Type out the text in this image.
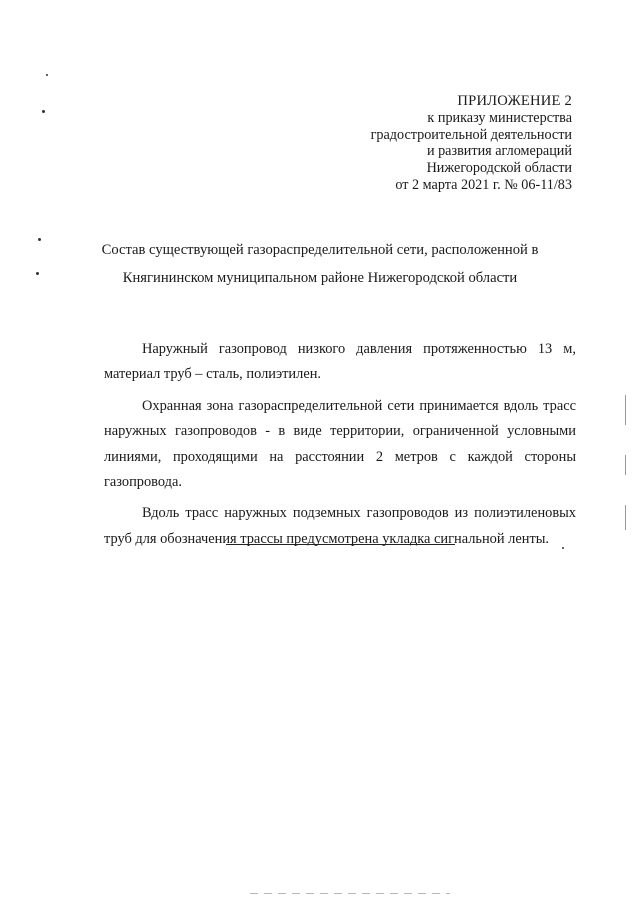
ПРИЛОЖЕНИЕ 2
к приказу министерства
градостроительной деятельности
и развития агломераций
Нижегородской области
от 2 марта 2021 г. № 06-11/83
Состав существующей газораспределительной сети, расположенной в
Княгининском муниципальном районе Нижегородской области

Наружный газопровод низкого давления протяженностью 13 м, материал труб – сталь, полиэтилен.

Охранная зона газораспределительной сети принимается вдоль трасс наружных газопроводов - в виде территории, ограниченной условными линиями, проходящими на расстоянии 2 метров с каждой стороны газопровода.

Вдоль трасс наружных подземных газопроводов из полиэтиленовых труб для обозначения трассы предусмотрена укладка сигнальной ленты.
